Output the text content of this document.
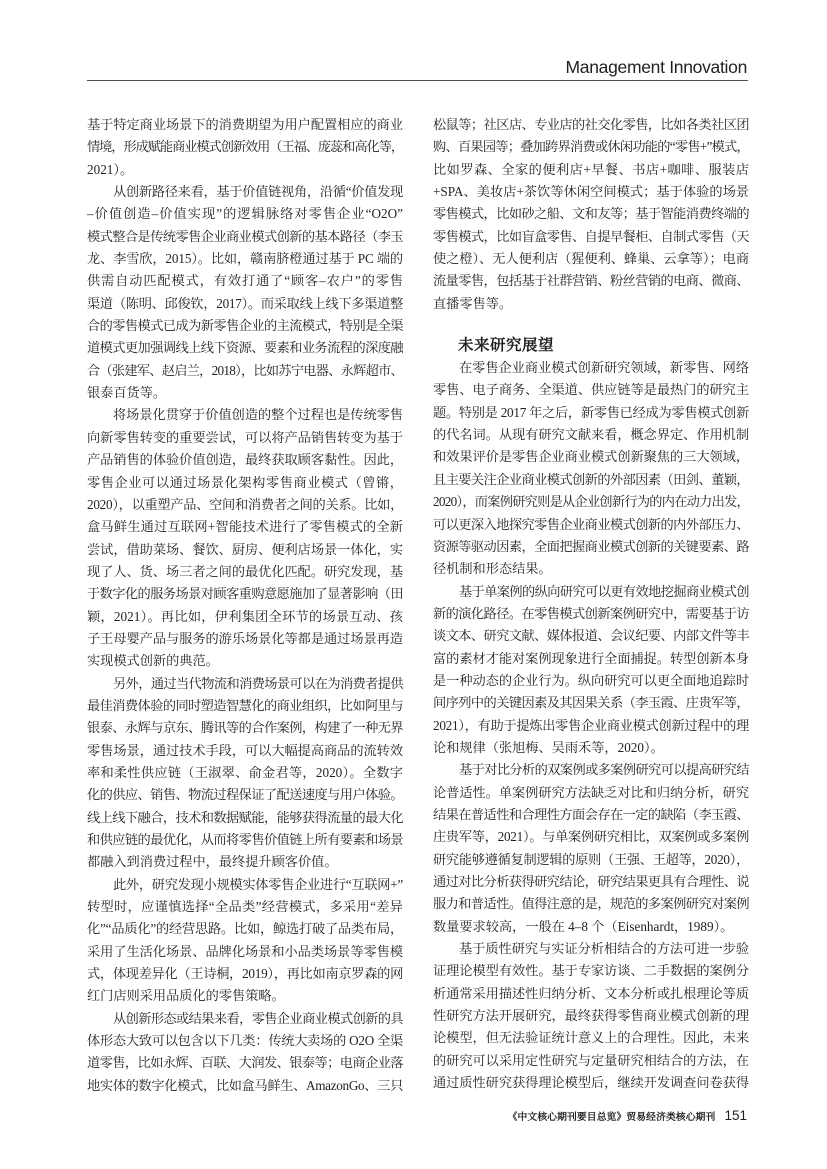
Management Innovation
基于特定商业场景下的消费期望为用户配置相应的商业
情境，形成赋能商业模式创新效用（王福、庞蕊和高化等，
2021）。
从创新路径来看，基于价值链视角，沿循“价值发现
–价值创造–价值实现”的逻辑脉络对零售企业“O2O”
模式整合是传统零售企业商业模式创新的基本路径（李玉
龙、李雪欣，2015）。比如，赣南脐橙通过基于 PC 端的
供需自动匹配模式，有效打通了“顾客–农户”的零售
渠道（陈明、邱俊钦，2017）。而采取线上线下多渠道整
合的零售模式已成为新零售企业的主流模式，特别是全渠
道模式更加强调线上线下资源、要素和业务流程的深度融
合（张建军、赵启兰，2018），比如苏宁电器、永辉超市、
银泰百货等。
将场景化贯穿于价值创造的整个过程也是传统零售
向新零售转变的重要尝试，可以将产品销售转变为基于
产品销售的体验价值创造，最终获取顾客黏性。因此，
零售企业可以通过场景化架构零售商业模式（曾锵，
2020），以重塑产品、空间和消费者之间的关系。比如，
盒马鲜生通过互联网+智能技术进行了零售模式的全新
尝试，借助菜场、餐饮、厨房、便利店场景一体化，实
现了人、货、场三者之间的最优化匹配。研究发现，基
于数字化的服务场景对顾客重购意愿施加了显著影响（田
颖，2021）。再比如，伊利集团全环节的场景互动、孩
子王母婴产品与服务的游乐场景化等都是通过场景再造
实现模式创新的典范。
另外，通过当代物流和消费场景可以在为消费者提供
最佳消费体验的同时塑造智慧化的商业组织，比如阿里与
银泰、永辉与京东、腾讯等的合作案例，构建了一种无界
零售场景，通过技术手段，可以大幅提高商品的流转效
率和柔性供应链（王淑翠、俞金君等，2020）。全数字
化的供应、销售、物流过程保证了配送速度与用户体验。
线上线下融合，技术和数据赋能，能够获得流量的最大化
和供应链的最优化，从而将零售价值链上所有要素和场景
都融入到消费过程中，最终提升顾客价值。
此外，研究发现小规模实体零售企业进行“互联网+”
转型时，应谨慎选择“全品类”经营模式，多采用“差异
化”“品质化”的经营思路。比如，鲸选打破了品类布局，
采用了生活化场景、品牌化场景和小品类场景等零售模
式，体现差异化（王诗桐，2019），再比如南京罗森的网
红门店则采用品质化的零售策略。
从创新形态或结果来看，零售企业商业模式创新的具
体形态大致可以包含以下几类：传统大卖场的 O2O 全渠
道零售，比如永辉、百联、大润发、银泰等；电商企业落
地实体的数字化模式，比如盒马鲜生、AmazonGo、三只
松鼠等；社区店、专业店的社交化零售，比如各类社区团
购、百果园等；叠加跨界消费或休闲功能的“零售+”模式，
比如罗森、全家的便利店+早餐、书店+咖啡、服装店
+SPA、美妆店+茶饮等休闲空间模式；基于体验的场景
零售模式，比如砂之船、文和友等；基于智能消费终端的
零售模式，比如盲盒零售、自提早餐柜、自制式零售（天
使之橙）、无人便利店（猩便利、蜂巢、云拿等）；电商
流量零售，包括基于社群营销、粉丝营销的电商、微商、
直播零售等。
未来研究展望
在零售企业商业模式创新研究领域，新零售、网络
零售、电子商务、全渠道、供应链等是最热门的研究主
题。特别是 2017 年之后，新零售已经成为零售模式创新
的代名词。从现有研究文献来看，概念界定、作用机制
和效果评价是零售企业商业模式创新聚焦的三大领域，
且主要关注企业商业模式创新的外部因素（田剑、董颖，
2020），而案例研究则是从企业创新行为的内在动力出发，
可以更深入地探究零售企业商业模式创新的内外部压力、
资源等驱动因素，全面把握商业模式创新的关键要素、路
径机制和形态结果。
基于单案例的纵向研究可以更有效地挖掘商业模式创
新的演化路径。在零售模式创新案例研究中，需要基于访
谈文本、研究文献、媒体报道、会议纪要、内部文件等丰
富的素材才能对案例现象进行全面捕捉。转型创新本身
是一种动态的企业行为。纵向研究可以更全面地追踪时
间序列中的关键因素及其因果关系（李玉霞、庄贵军等，
2021），有助于提炼出零售企业商业模式创新过程中的理
论和规律（张旭梅、吴雨禾等，2020）。
基于对比分析的双案例或多案例研究可以提高研究结
论普适性。单案例研究方法缺乏对比和归纳分析，研究
结果在普适性和合理性方面会存在一定的缺陷（李玉霞、
庄贵军等，2021）。与单案例研究相比，双案例或多案例
研究能够遵循复制逻辑的原则（王强、王超等，2020），
通过对比分析获得研究结论，研究结果更具有合理性、说
服力和普适性。值得注意的是，规范的多案例研究对案例
数量要求较高，一般在 4–8 个（Eisenhardt，1989）。
基于质性研究与实证分析相结合的方法可进一步验
证理论模型有效性。基于专家访谈、二手数据的案例分
析通常采用描述性归纳分析、文本分析或扎根理论等质
性研究方法开展研究，最终获得零售商业模式创新的理
论模型，但无法验证统计意义上的合理性。因此，未来
的研究可以采用定性研究与定量研究相结合的方法，在
通过质性研究获得理论模型后，继续开发调查问卷获得
《中文核心期刊要目总览》贸易经济类核心期刊 151
